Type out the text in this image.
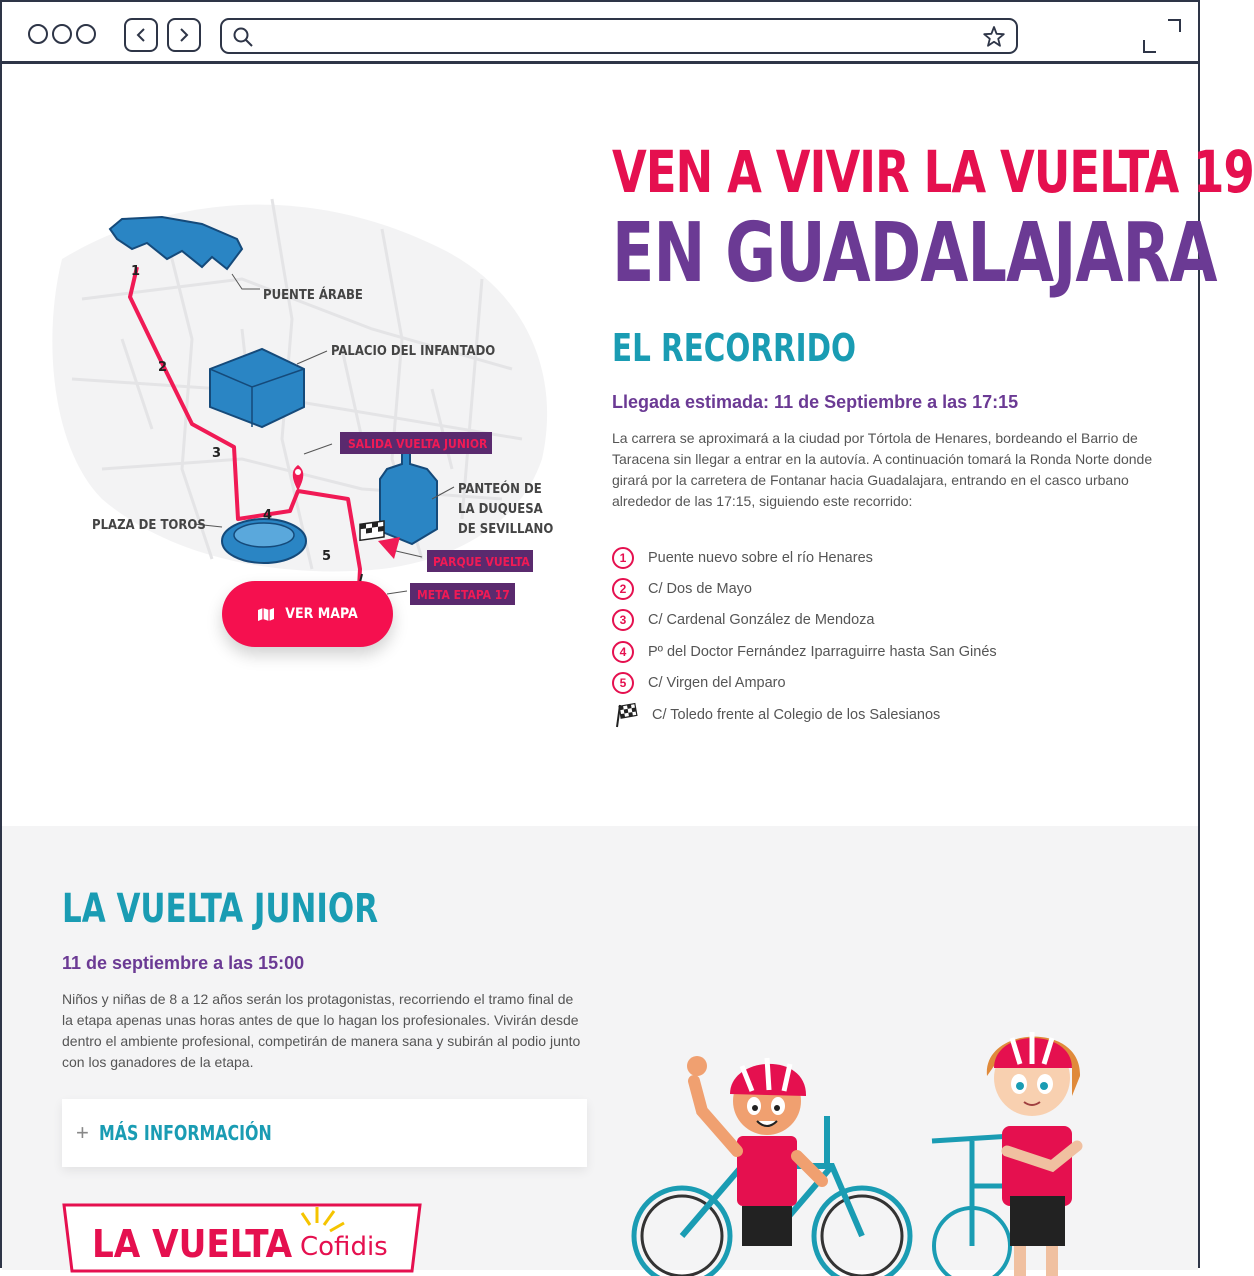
1
2
3
4
5
PUENTE ÁRABE
PALACIO DEL INFANTADO
PANTEÓN DE
LA DUQUESA
DE SEVILLANO
PLAZA DE TOROS
SALIDA VUELTA JUNIOR
PARQUE VUELTA
META ETAPA 17
VER MAPA
VEN A VIVIR LA VUELTA 19
EN GUADALAJARA
EL RECORRIDO
Llegada estimada: 11 de Septiembre a las 17:15

La carrera se aproximará a la ciudad por Tórtola de Henares, bordeando el Barrio de Taracena sin llegar a entrar en la autovía. A continuación tomará la Ronda Norte donde girará por la carretera de Fontanar hacia Guadalajara, entrando en el casco urbano alrededor de las 17:15, siguiendo este recorrido:

1	Puente nuevo sobre el río Henares
2	C/ Dos de Mayo
3	C/ Cardenal González de Mendoza
4	Pº del Doctor Fernández Iparraguirre hasta San Ginés
5	C/ Virgen del Amparo
C/ Toledo frente al Colegio de los Salesianos
LA VUELTA JUNIOR
11 de septiembre a las 15:00

Niños y niñas de 8 a 12 años serán los protagonistas, recorriendo el tramo final de la etapa apenas unas horas antes de que lo hagan los profesionales. Vivirán desde dentro el ambiente profesional, competirán de manera sana y subirán al podio junto con los ganadores de la etapa.

+ MÁS INFORMACIÓN
LA VUELTA Cofidis
